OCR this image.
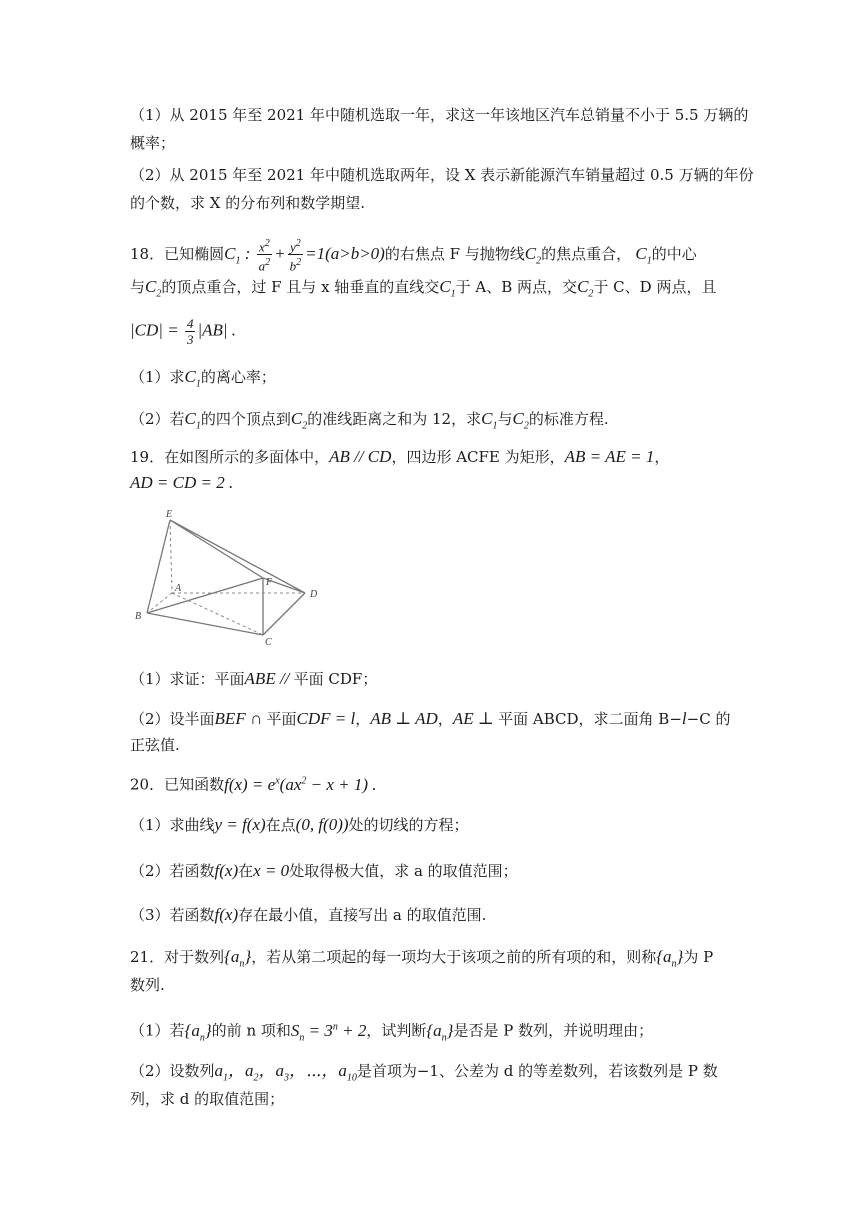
（1）从 2015 年至 2021 年中随机选取一年，求这一年该地区汽车总销量不小于 5.5 万辆的
概率；
（2）从 2015 年至 2021 年中随机选取两年，设 X 表示新能源汽车销量超过 0.5 万辆的年份
的个数，求 X 的分布列和数学期望.
18．已知椭圆$C_1$ : $\frac{x^2}{a^2} + \frac{y^2}{b^2} =1(a>b>0)$的右焦点 F 与抛物线$C_2$的焦点重合， $C_1$的中心
与$C_2$的顶点重合，过 F 且与 x 轴垂直的直线交$C_1$于 A、B 两点，交$C_2$于 C、D 两点，且
$|CD| = \frac{4}{3} |AB|$ .
（1）求$C_1$的离心率；
（2）若$C_1$的四个顶点到$C_2$的准线距离之和为 12，求$C_1$与$C_2$的标准方程.
19．在如图所示的多面体中，AB // CD，四边形 ACFE 为矩形，AB = AE = 1，
AD = CD = 2 .
E
A
F
B
D
C
（1）求证：平面ABE // 平面 CDF；
（2）设半面BEF ∩ 平面CDF = l，AB ⊥ AD，AE ⊥ 平面 ABCD，求二面角 B−l−C 的
正弦值.
20．已知函数$f(x) = e^x(ax^2 - x + 1)$ .
（1）求曲线y = f(x)在点(0, f(0))处的切线的方程；
（2）若函数f(x)在x = 0处取得极大值，求 a 的取值范围；
（3）若函数f(x)存在最小值，直接写出 a 的取值范围.
21．对于数列$\{a_n\}$，若从第二项起的每一项均大于该项之前的所有项的和，则称$\{a_n\}$为 P
数列.
（1）若$\{a_n\}$的前 n 项和$S_n = 3^n + 2$，试判断$\{a_n\}$是否是 P 数列，并说明理由；
（2）设数列$a_1$，$a_2$，$a_3$，⋯，$a_{10}$是首项为−1、公差为 d 的等差数列，若该数列是 P 数
列，求 d 的取值范围；
